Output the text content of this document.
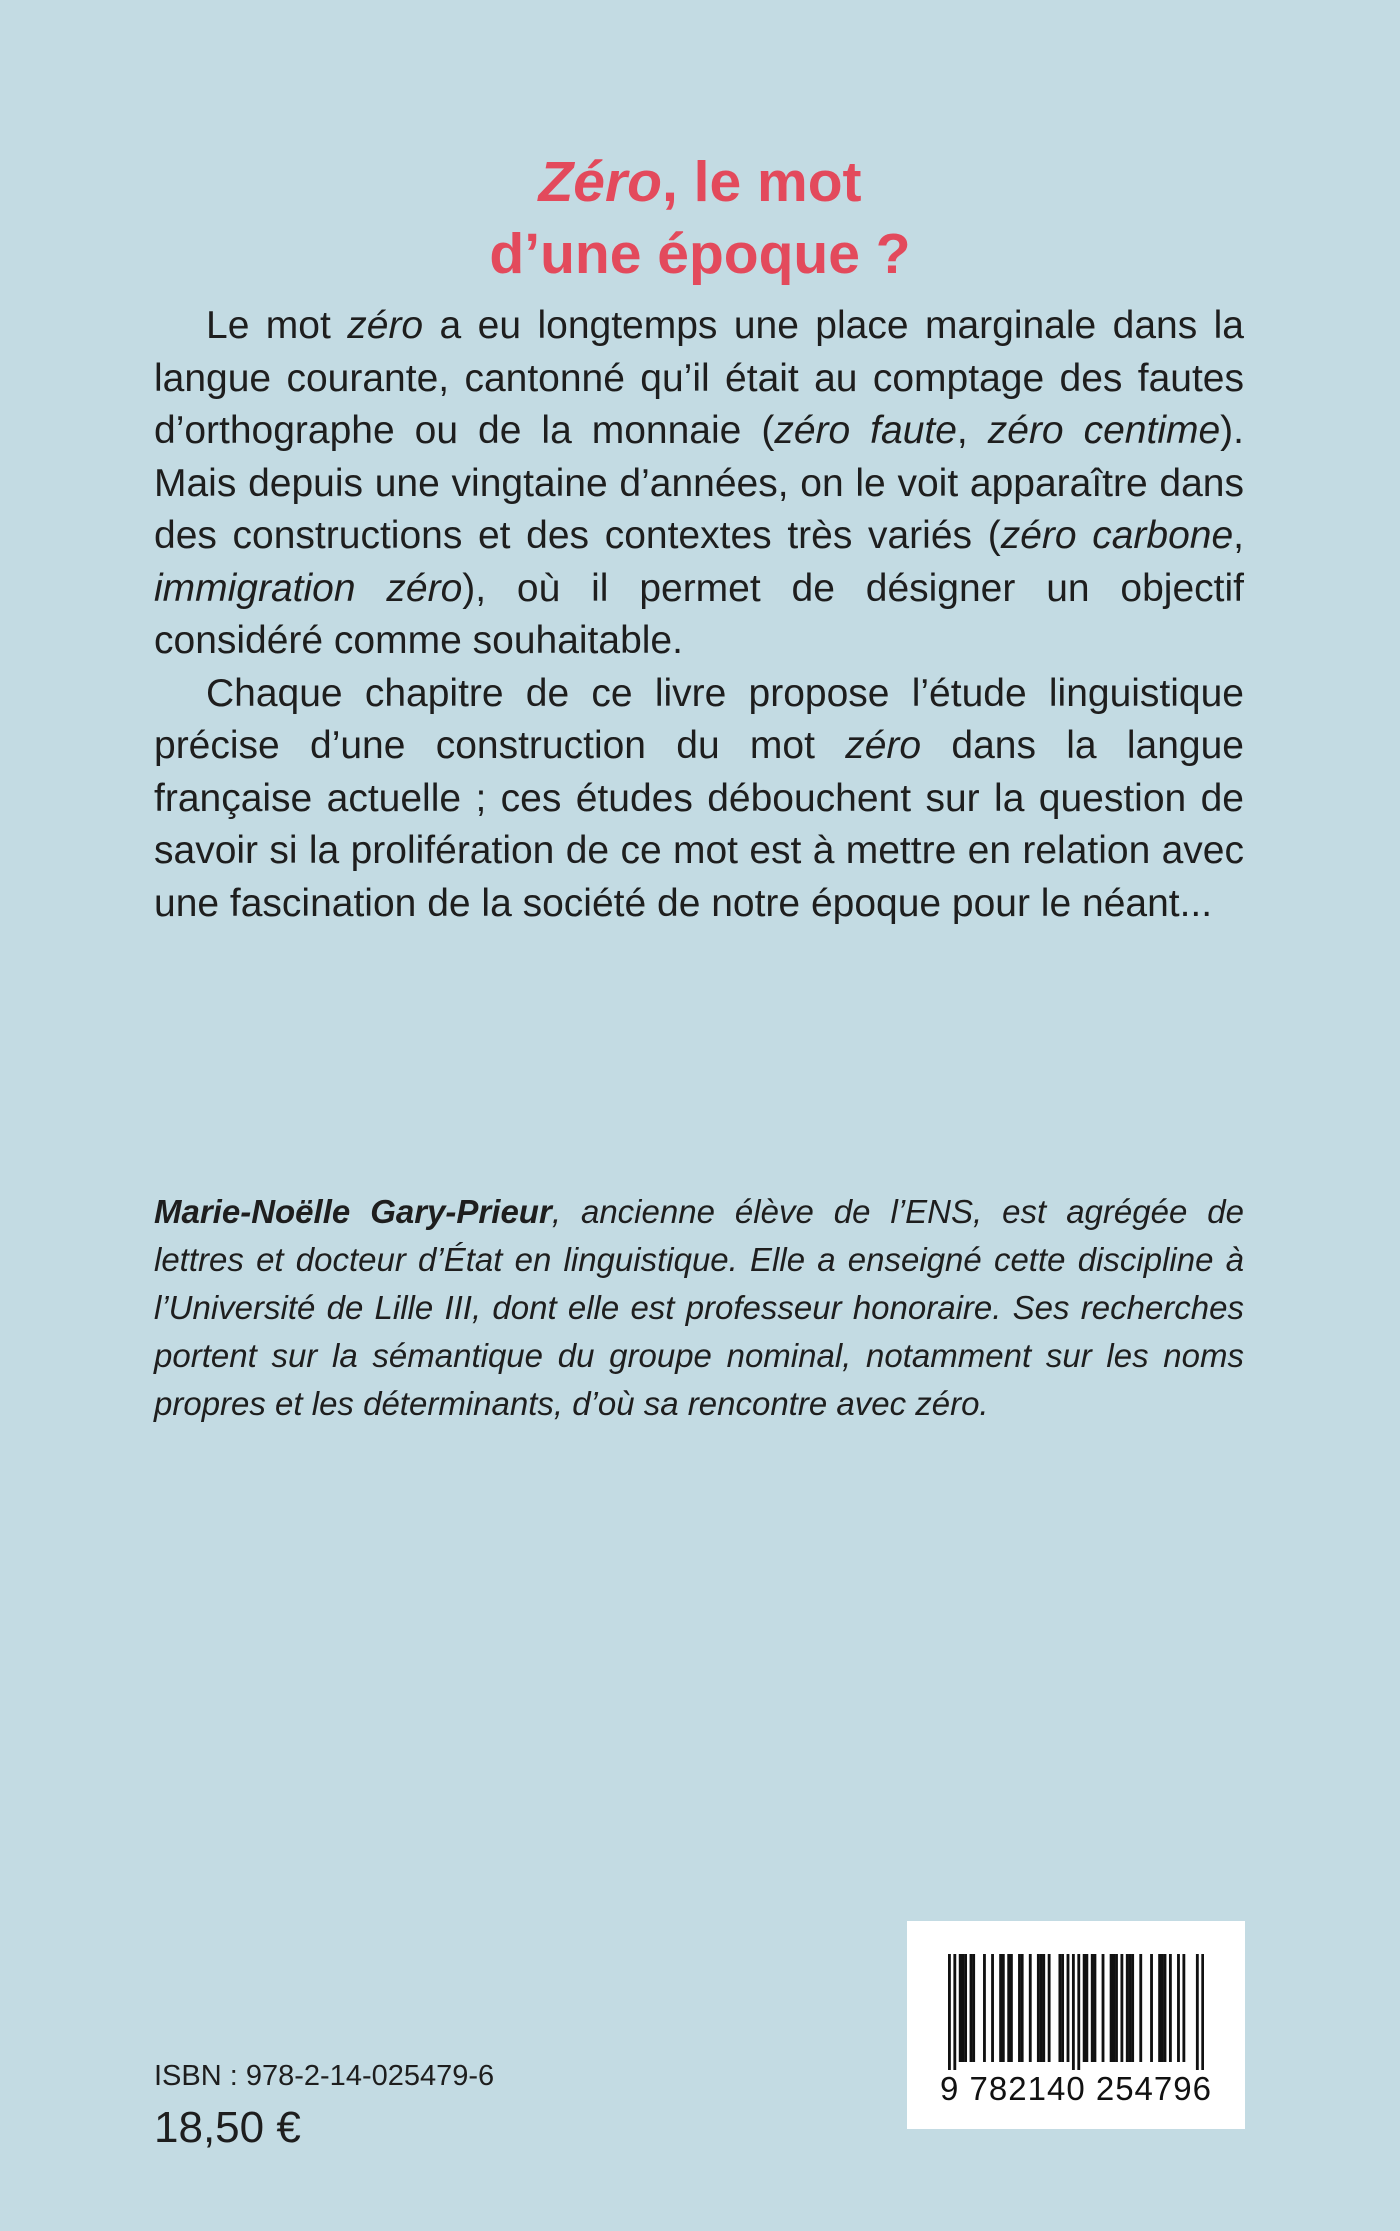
Zéro, le mot
d’une époque ?

Le mot zéro a eu longtemps une place marginale dans la langue courante, cantonné qu’il était au comptage des fautes d’orthographe ou de la monnaie (zéro faute, zéro centime). Mais depuis une vingtaine d’années, on le voit apparaître dans des constructions et des contextes très variés (zéro carbone, immigration zéro), où il permet de désigner un objectif considéré comme souhaitable.

Chaque chapitre de ce livre propose l’étude linguistique précise d’une construction du mot zéro dans la langue française actuelle ; ces études débouchent sur la question de savoir si la prolifération de ce mot est à mettre en relation avec une fascination de la société de notre époque pour le néant...

Marie-Noëlle Gary-Prieur, ancienne élève de l’ENS, est agrégée de lettres et docteur d’État en linguistique. Elle a enseigné cette discipline à l’Université de Lille III, dont elle est professeur honoraire. Ses recherches portent sur la sémantique du groupe nominal, notamment sur les noms propres et les déterminants, d’où sa rencontre avec zéro.
ISBN : 978-2-14-025479-6
18,50 €
9 782140 254796
